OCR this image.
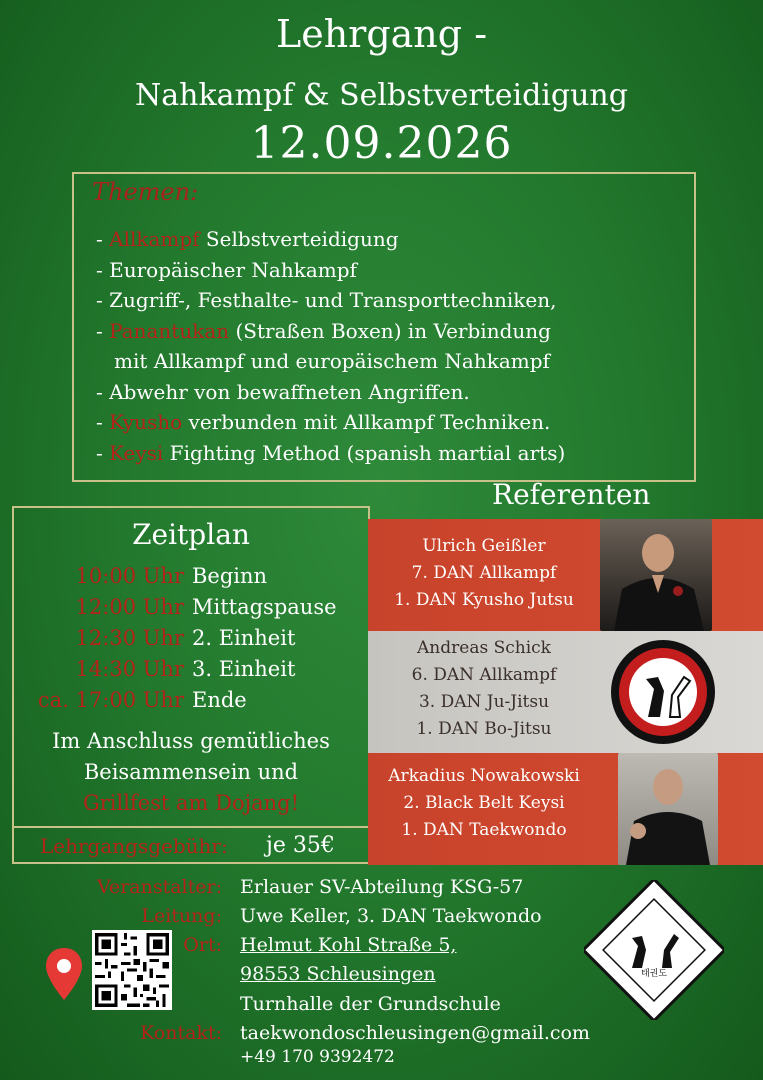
Lehrgang -
Nahkampf & Selbstverteidigung
12.09.2026
Themen:
- Allkampf Selbstverteidigung
- Europäischer Nahkampf
- Zugriff-, Festhalte- und Transporttechniken,
- Panantukan (Straßen Boxen) in Verbindung
mit Allkampf und europäischem Nahkampf
- Abwehr von bewaffneten Angriffen.
- Kyusho verbunden mit Allkampf Techniken.
- Keysi Fighting Method (spanish martial arts)
Referenten
Zeitplan
10:00 Uhr Beginn
12:00 Uhr Mittagspause
12:30 Uhr 2. Einheit
14:30 Uhr 3. Einheit
ca. 17:00 Uhr Ende
Im Anschluss gemütliches
Beisammensein und
Grillfest am Dojang!
Lehrgangsgebühr: je 35€
Ulrich Geißler
7. DAN Allkampf
1. DAN Kyusho Jutsu
Andreas Schick
6. DAN Allkampf
3. DAN Ju-Jitsu
1. DAN Bo-Jitsu
Arkadius Nowakowski
2. Black Belt Keysi
1. DAN Taekwondo
Veranstalter: Erlauer SV-Abteilung KSG-57
Leitung: Uwe Keller, 3. DAN Taekwondo
Ort: Helmut Kohl Straße 5,
98553 Schleusingen
Turnhalle der Grundschule
Kontakt: taekwondoschleusingen@gmail.com
+49 170 9392472
태권도
